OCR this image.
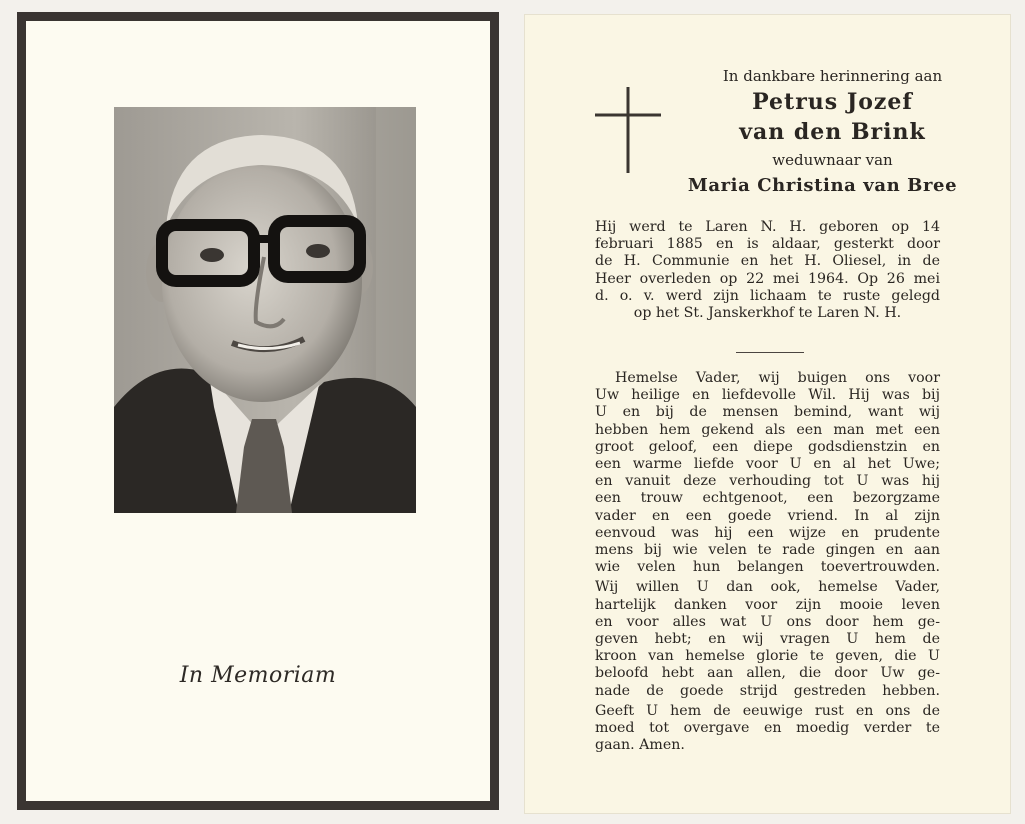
In Memoriam
In dankbare herinnering aan
Petrus Jozef
van den Brink
weduwnaar van
Maria Christina van Bree
Hij werd te Laren N. H. geboren op 14
februari 1885 en is aldaar, gesterkt door
de H. Communie en het H. Oliesel, in de
Heer overleden op 22 mei 1964. Op 26 mei
d. o. v. werd zijn lichaam te ruste gelegd
op het St. Janskerkhof te Laren N. H.
Hemelse Vader, wij buigen ons voor
Uw heilige en liefdevolle Wil. Hij was bij
U en bij de mensen bemind, want wij
hebben hem gekend als een man met een
groot geloof, een diepe godsdienstzin en
een warme liefde voor U en al het Uwe;
en vanuit deze verhouding tot U was hij
een trouw echtgenoot, een bezorgzame
vader en een goede vriend. In al zijn
eenvoud was hij een wijze en prudente
mens bij wie velen te rade gingen en aan
wie velen hun belangen toevertrouwden.
Wij willen U dan ook, hemelse Vader,
hartelijk danken voor zijn mooie leven
en voor alles wat U ons door hem ge-
geven hebt; en wij vragen U hem de
kroon van hemelse glorie te geven, die U
beloofd hebt aan allen, die door Uw ge-
nade de goede strijd gestreden hebben.
Geeft U hem de eeuwige rust en ons de
moed tot overgave en moedig verder te
gaan. Amen.
